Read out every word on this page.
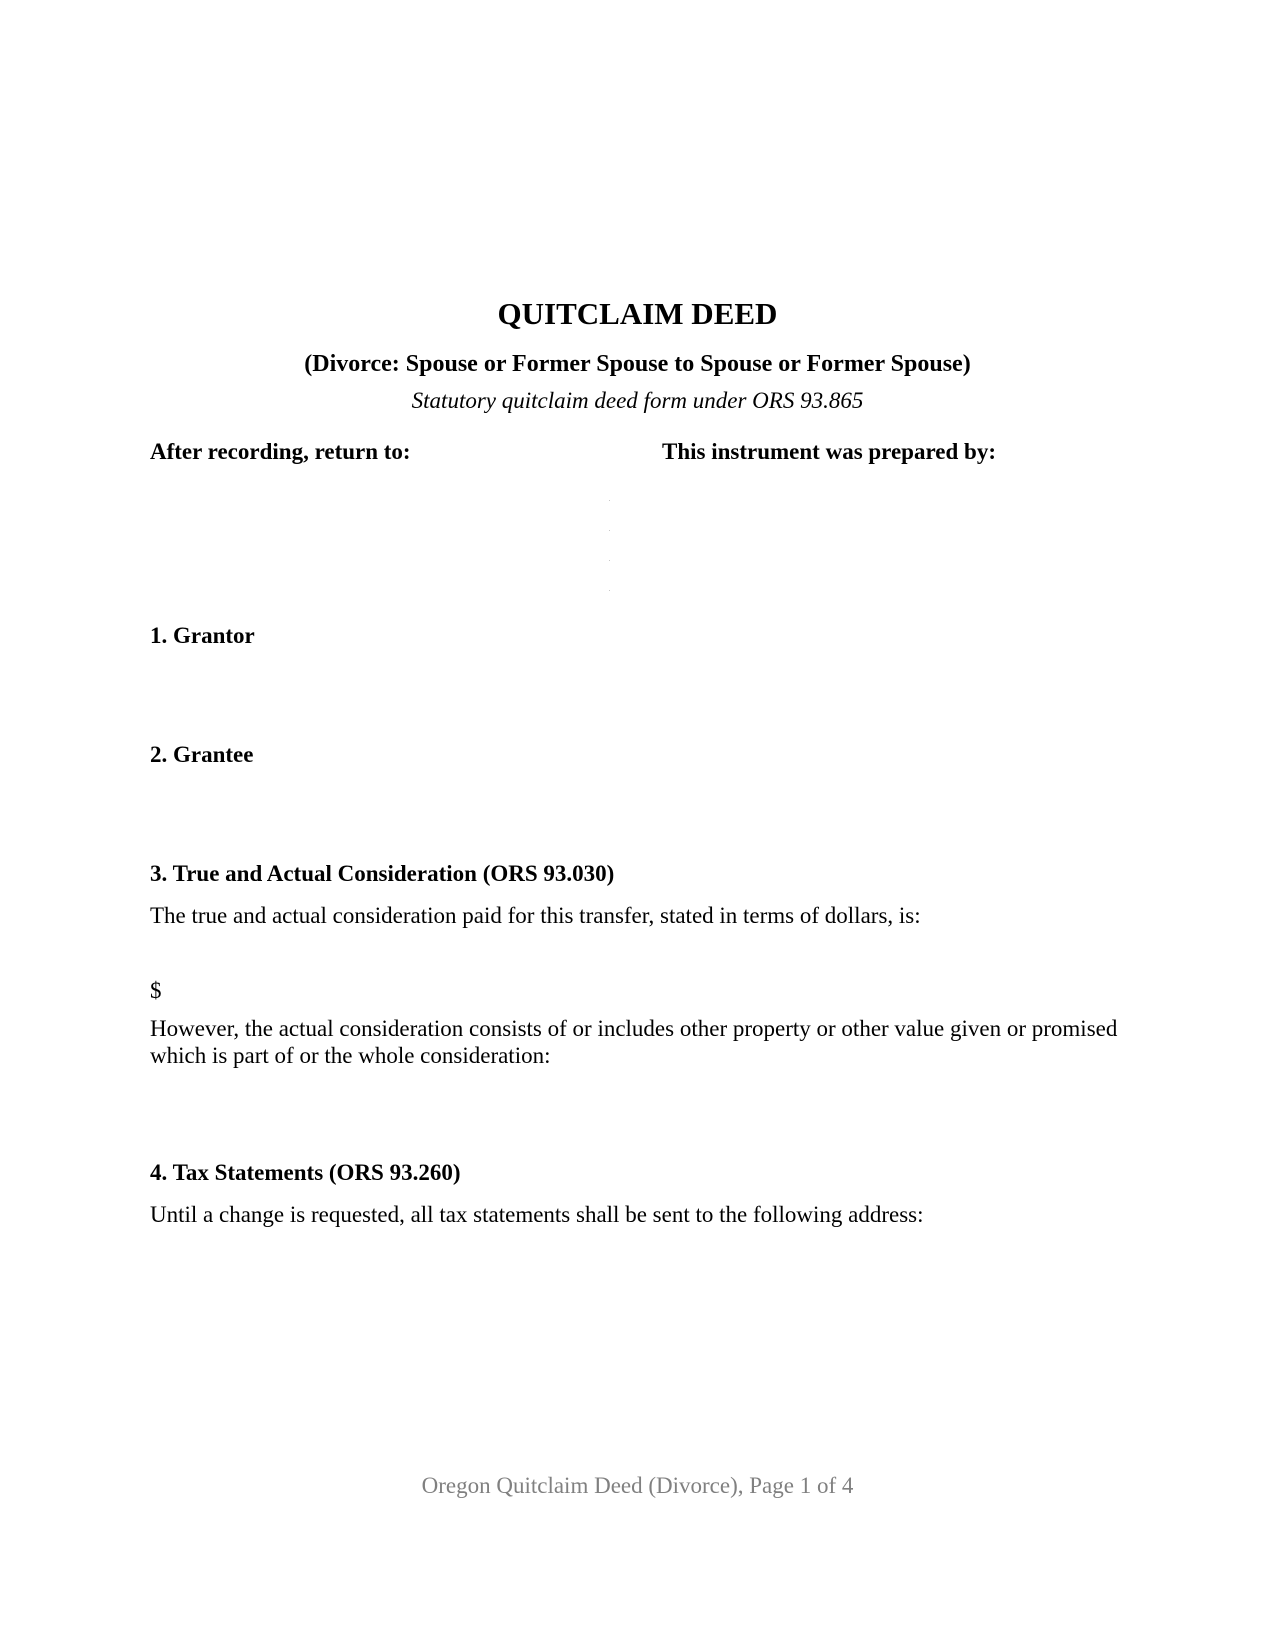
QUITCLAIM DEED
(Divorce: Spouse or Former Spouse to Spouse or Former Spouse)
Statutory quitclaim deed form under ORS 93.865
After recording, return to:	This instrument was prepared by:
1. Grantor
2. Grantee
3. True and Actual Consideration (ORS 93.030)
The true and actual consideration paid for this transfer, stated in terms of dollars, is:
$
However, the actual consideration consists of or includes other property or other value given or promised which is part of or the whole consideration:
4. Tax Statements (ORS 93.260)
Until a change is requested, all tax statements shall be sent to the following address:
Oregon Quitclaim Deed (Divorce), Page 1 of 4
